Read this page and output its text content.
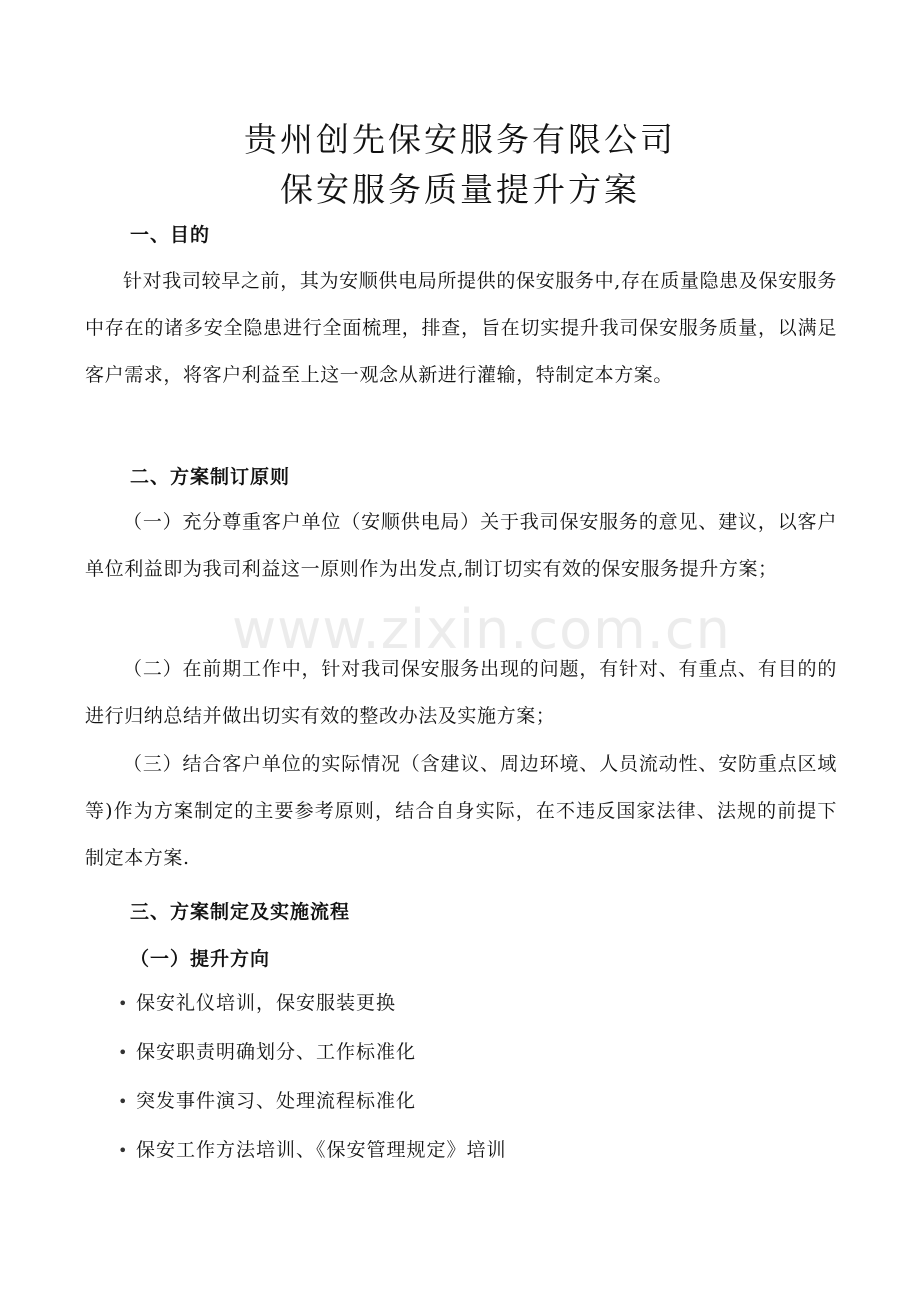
www.zixin.com.cn
贵州创先保安服务有限公司
保安服务质量提升方案
一、目的

针对我司较早之前，其为安顺供电局所提供的保安服务中,存在质量隐患及保安服务中存在的诸多安全隐患进行全面梳理，排查，旨在切实提升我司保安服务质量，以满足客户需求，将客户利益至上这一观念从新进行灌输，特制定本方案。

二、方案制订原则

（一）充分尊重客户单位（安顺供电局）关于我司保安服务的意见、建议，以客户单位利益即为我司利益这一原则作为出发点,制订切实有效的保安服务提升方案；

（二）在前期工作中，针对我司保安服务出现的问题，有针对、有重点、有目的的进行归纳总结并做出切实有效的整改办法及实施方案；

（三）结合客户单位的实际情况（含建议、周边环境、人员流动性、安防重点区域等)作为方案制定的主要参考原则，结合自身实际，在不违反国家法律、法规的前提下制定本方案.

三、方案制定及实施流程
（一）提升方向
• 保安礼仪培训，保安服装更换
• 保安职责明确划分、工作标准化
• 突发事件演习、处理流程标准化
• 保安工作方法培训、《保安管理规定》培训
